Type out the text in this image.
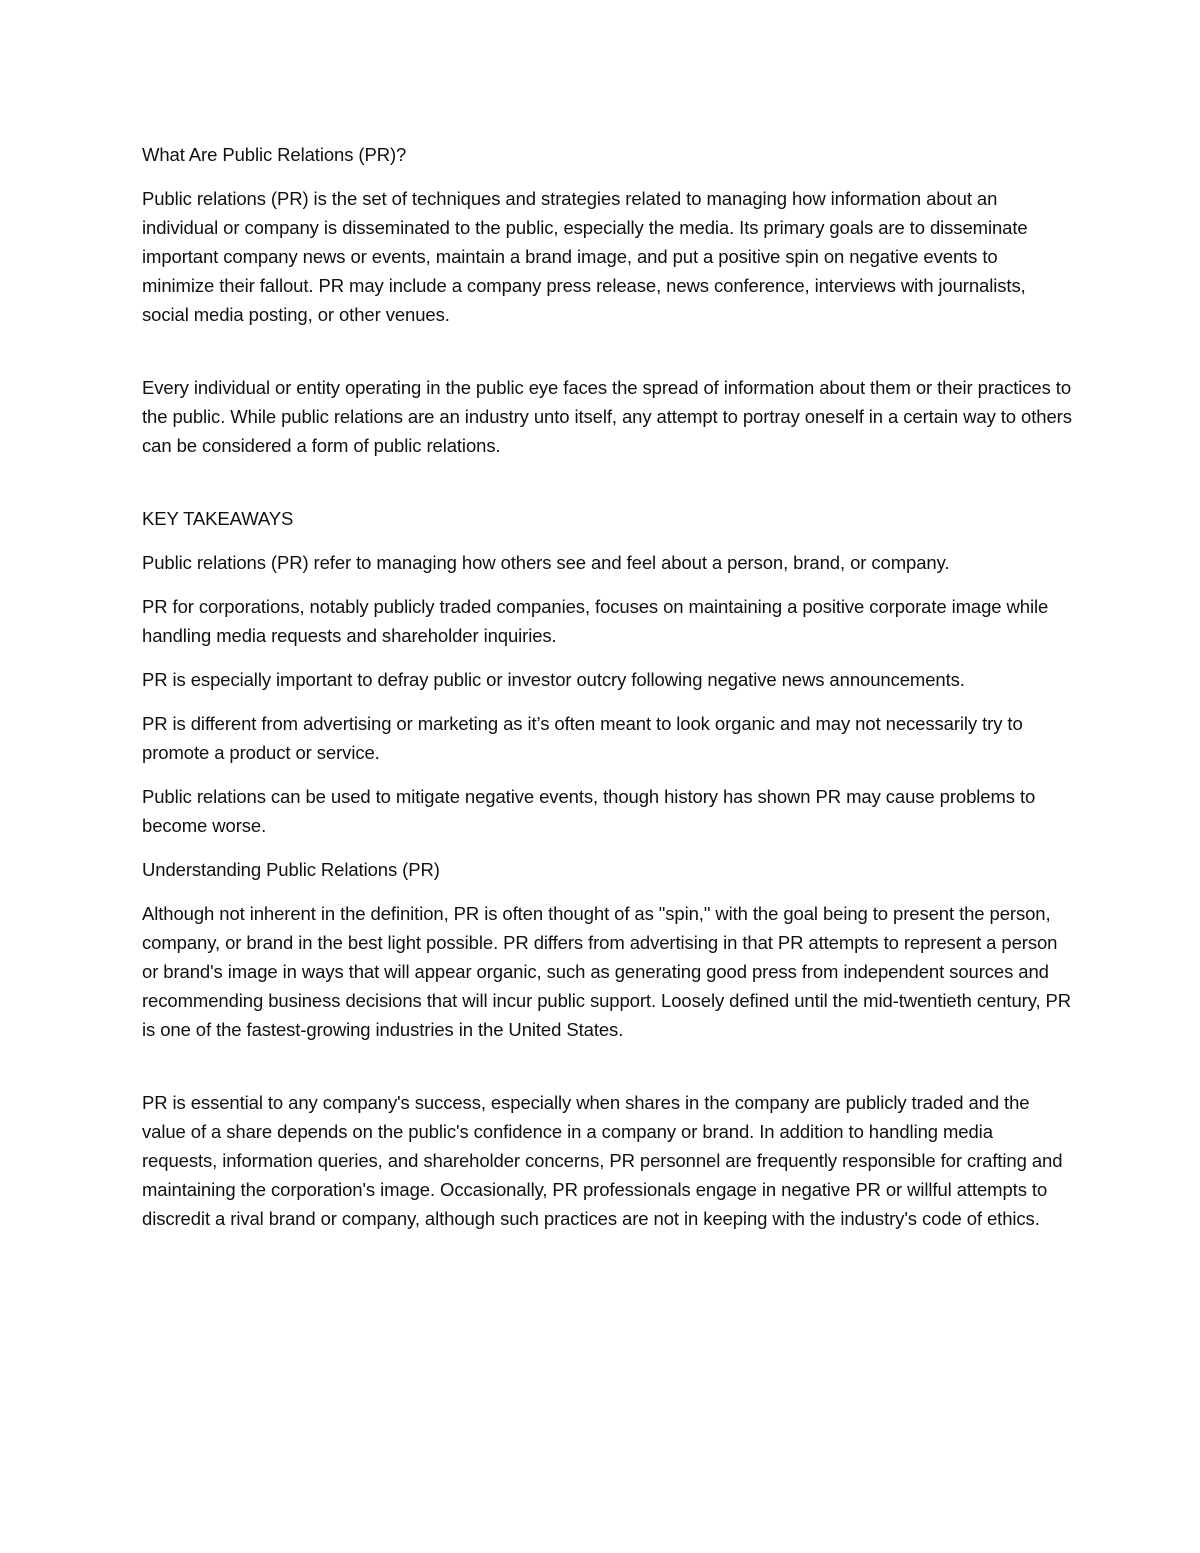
What Are Public Relations (PR)?

Public relations (PR) is the set of techniques and strategies related to managing how information about an individual or company is disseminated to the public, especially the media. Its primary goals are to disseminate important company news or events, maintain a brand image, and put a positive spin on negative events to minimize their fallout. PR may include a company press release, news conference, interviews with journalists, social media posting, or other venues.

Every individual or entity operating in the public eye faces the spread of information about them or their practices to the public. While public relations are an industry unto itself, any attempt to portray oneself in a certain way to others can be considered a form of public relations.

KEY TAKEAWAYS

Public relations (PR) refer to managing how others see and feel about a person, brand, or company.

PR for corporations, notably publicly traded companies, focuses on maintaining a positive corporate image while handling media requests and shareholder inquiries.

PR is especially important to defray public or investor outcry following negative news announcements.

PR is different from advertising or marketing as it’s often meant to look organic and may not necessarily try to promote a product or service.

Public relations can be used to mitigate negative events, though history has shown PR may cause problems to become worse.

Understanding Public Relations (PR)

Although not inherent in the definition, PR is often thought of as "spin," with the goal being to present the person, company, or brand in the best light possible. PR differs from advertising in that PR attempts to represent a person or brand's image in ways that will appear organic, such as generating good press from independent sources and recommending business decisions that will incur public support. Loosely defined until the mid-twentieth century, PR is one of the fastest-growing industries in the United States.

PR is essential to any company's success, especially when shares in the company are publicly traded and the value of a share depends on the public's confidence in a company or brand. In addition to handling media requests, information queries, and shareholder concerns, PR personnel are frequently responsible for crafting and maintaining the corporation's image. Occasionally, PR professionals engage in negative PR or willful attempts to discredit a rival brand or company, although such practices are not in keeping with the industry's code of ethics.
